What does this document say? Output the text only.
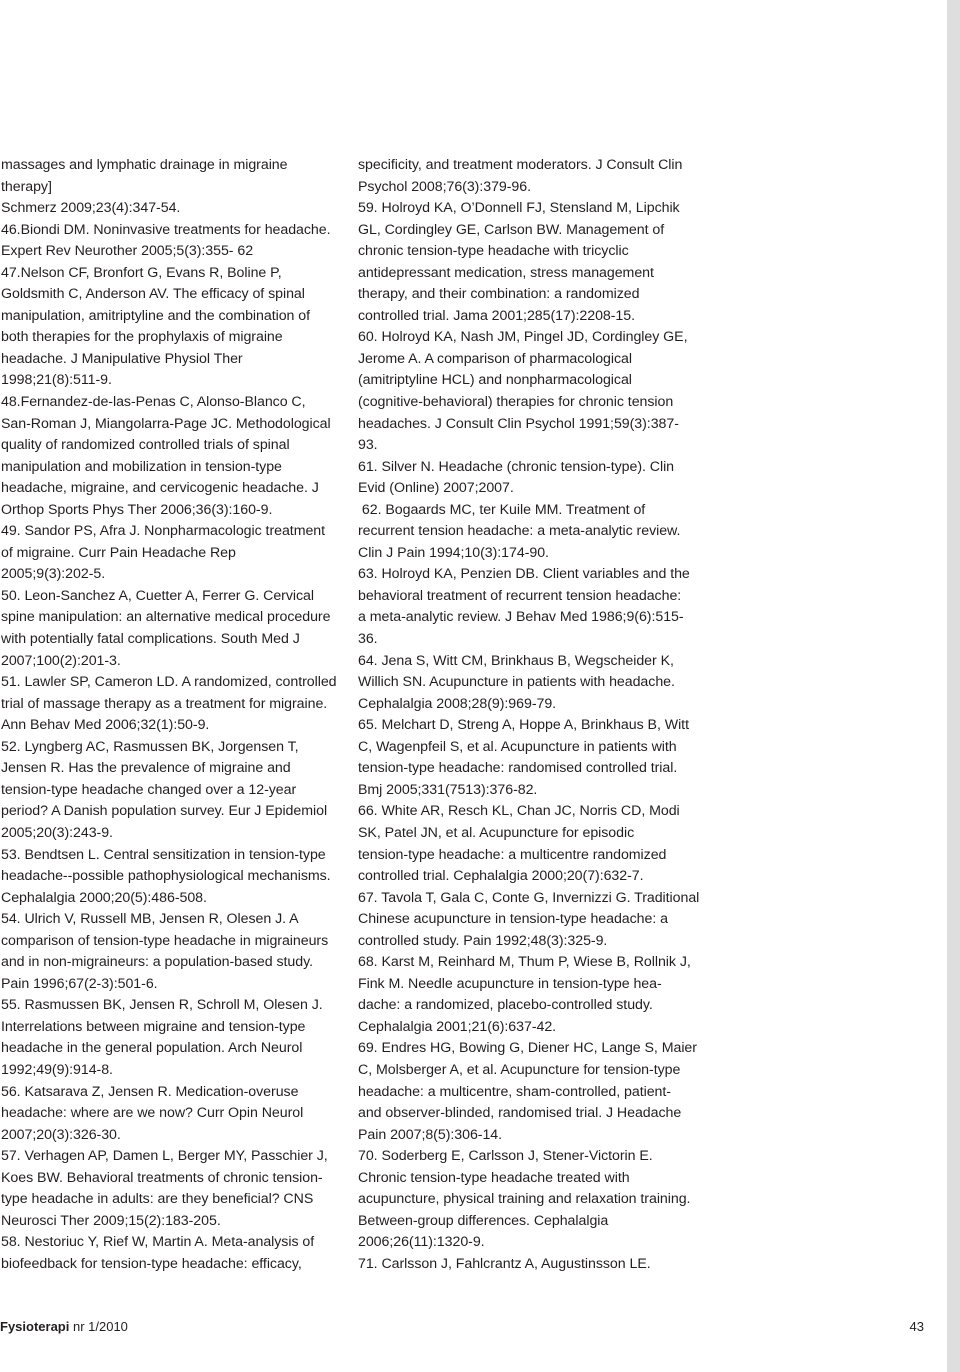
massages and lymphatic drainage in migraine
therapy]
Schmerz 2009;23(4):347-54.
46.Biondi DM. Noninvasive treatments for headache.
Expert Rev Neurother 2005;5(3):355- 62
47.Nelson CF, Bronfort G, Evans R, Boline P,
Goldsmith C, Anderson AV. The efficacy of spinal
manipulation, amitriptyline and the combination of
both therapies for the prophylaxis of migraine
headache. J Manipulative Physiol Ther
1998;21(8):511-9.
48.Fernandez-de-las-Penas C, Alonso-Blanco C,
San-Roman J, Miangolarra-Page JC. Methodological
quality of randomized controlled trials of spinal
manipulation and mobilization in tension-type
headache, migraine, and cervicogenic headache. J
Orthop Sports Phys Ther 2006;36(3):160-9.
49. Sandor PS, Afra J. Nonpharmacologic treatment
of migraine. Curr Pain Headache Rep
2005;9(3):202-5.
50. Leon-Sanchez A, Cuetter A, Ferrer G. Cervical
spine manipulation: an alternative medical procedure
with potentially fatal complications. South Med J
2007;100(2):201-3.
51. Lawler SP, Cameron LD. A randomized, controlled
trial of massage therapy as a treatment for migraine.
Ann Behav Med 2006;32(1):50-9.
52. Lyngberg AC, Rasmussen BK, Jorgensen T,
Jensen R. Has the prevalence of migraine and
tension-type headache changed over a 12-year
period? A Danish population survey. Eur J Epidemiol
2005;20(3):243-9.
53. Bendtsen L. Central sensitization in tension-type
headache--possible pathophysiological mechanisms.
Cephalalgia 2000;20(5):486-508.
54. Ulrich V, Russell MB, Jensen R, Olesen J. A
comparison of tension-type headache in migraineurs
and in non-migraineurs: a population-based study.
Pain 1996;67(2-3):501-6.
55. Rasmussen BK, Jensen R, Schroll M, Olesen J.
Interrelations between migraine and tension-type
headache in the general population. Arch Neurol
1992;49(9):914-8.
56. Katsarava Z, Jensen R. Medication-overuse
headache: where are we now? Curr Opin Neurol
2007;20(3):326-30.
57. Verhagen AP, Damen L, Berger MY, Passchier J,
Koes BW. Behavioral treatments of chronic tension-
type headache in adults: are they beneficial? CNS
Neurosci Ther 2009;15(2):183-205.
58. Nestoriuc Y, Rief W, Martin A. Meta-analysis of
biofeedback for tension-type headache: efficacy,
specificity, and treatment moderators. J Consult Clin
Psychol 2008;76(3):379-96.
59. Holroyd KA, O’Donnell FJ, Stensland M, Lipchik
GL, Cordingley GE, Carlson BW. Management of
chronic tension-type headache with tricyclic
antidepressant medication, stress management
therapy, and their combination: a randomized
controlled trial. Jama 2001;285(17):2208-15.
60. Holroyd KA, Nash JM, Pingel JD, Cordingley GE,
Jerome A. A comparison of pharmacological
(amitriptyline HCL) and nonpharmacological
(cognitive-behavioral) therapies for chronic tension
headaches. J Consult Clin Psychol 1991;59(3):387-
93.
61. Silver N. Headache (chronic tension-type). Clin
Evid (Online) 2007;2007.
62. Bogaards MC, ter Kuile MM. Treatment of
recurrent tension headache: a meta-analytic review.
Clin J Pain 1994;10(3):174-90.
63. Holroyd KA, Penzien DB. Client variables and the
behavioral treatment of recurrent tension headache:
a meta-analytic review. J Behav Med 1986;9(6):515-
36.
64. Jena S, Witt CM, Brinkhaus B, Wegscheider K,
Willich SN. Acupuncture in patients with headache.
Cephalalgia 2008;28(9):969-79.
65. Melchart D, Streng A, Hoppe A, Brinkhaus B, Witt
C, Wagenpfeil S, et al. Acupuncture in patients with
tension-type headache: randomised controlled trial.
Bmj 2005;331(7513):376-82.
66. White AR, Resch KL, Chan JC, Norris CD, Modi
SK, Patel JN, et al. Acupuncture for episodic
tension-type headache: a multicentre randomized
controlled trial. Cephalalgia 2000;20(7):632-7.
67. Tavola T, Gala C, Conte G, Invernizzi G. Traditional
Chinese acupuncture in tension-type headache: a
controlled study. Pain 1992;48(3):325-9.
68. Karst M, Reinhard M, Thum P, Wiese B, Rollnik J,
Fink M. Needle acupuncture in tension-type hea-
dache: a randomized, placebo-controlled study.
Cephalalgia 2001;21(6):637-42.
69. Endres HG, Bowing G, Diener HC, Lange S, Maier
C, Molsberger A, et al. Acupuncture for tension-type
headache: a multicentre, sham-controlled, patient-
and observer-blinded, randomised trial. J Headache
Pain 2007;8(5):306-14.
70. Soderberg E, Carlsson J, Stener-Victorin E.
Chronic tension-type headache treated with
acupuncture, physical training and relaxation training.
Between-group differences. Cephalalgia
2006;26(11):1320-9.
71. Carlsson J, Fahlcrantz A, Augustinsson LE.
Fysioterapi nr 1/2010	43
